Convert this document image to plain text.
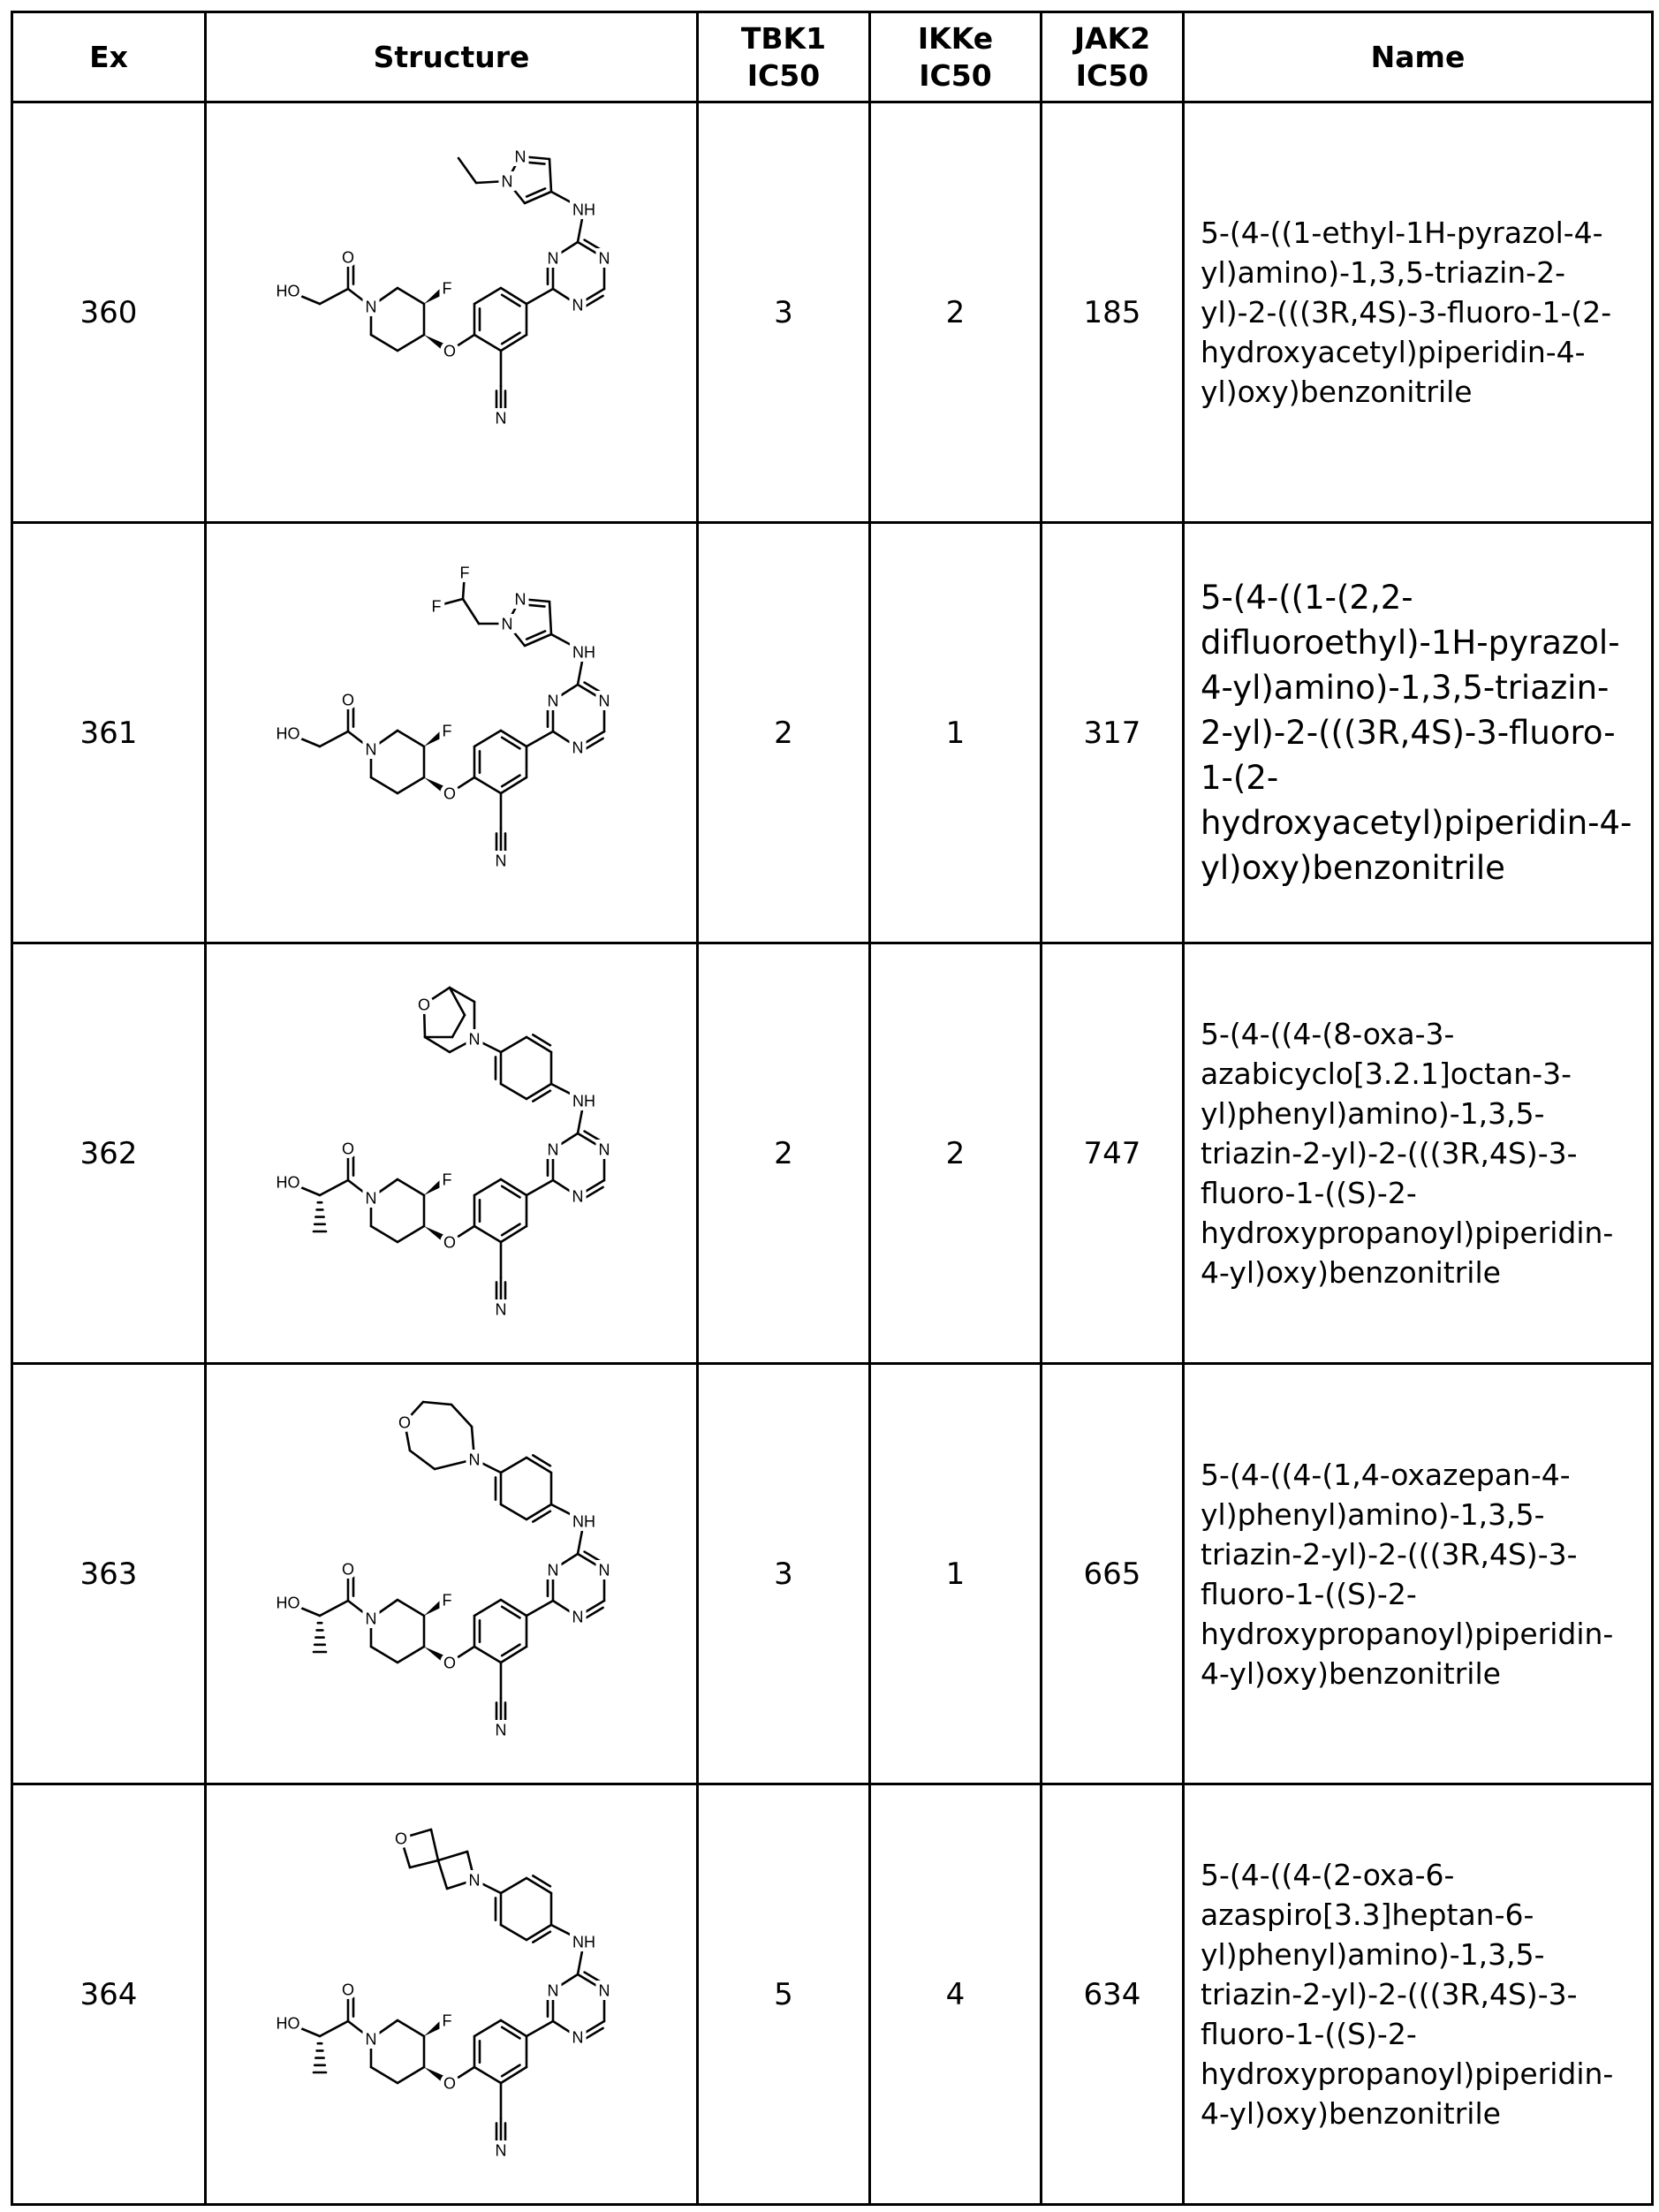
Ex	Structure	TBK1
IC50	IKKe
IC50	JAK2
IC50	Name
360	
HO
O
N
F
O
N
N
N
N
NH
N
N
	3	2	185	5-(4-((1-ethyl-1H-pyrazol-4-yl)amino)-1,3,5-triazin-2-yl)-2-(((3R,4S)-3-fluoro-1-(2-hydroxyacetyl)piperidin-4-yl)oxy)benzonitrile
361	HO
O
N
F
O
N
N
N
N
NH
N
N
F
F
	2	1	317	5-(4-((1-(2,2-difluoroethyl)-1H-pyrazol-4-yl)amino)-1,3,5-triazin-2-yl)-2-(((3R,4S)-3-fluoro-1-(2-hydroxyacetyl)piperidin-4-yl)oxy)benzonitrile
362	
HO
O
N
F
O
N
N
N
N
NH
N
O
	2	2	747	5-(4-((4-(8-oxa-3-azabicyclo[3.2.1]octan-3-yl)phenyl)amino)-1,3,5-triazin-2-yl)-2-(((3R,4S)-3-fluoro-1-((S)-2-hydroxypropanoyl)piperidin-4-yl)oxy)benzonitrile
363	
HO
O
N
F
O
N
N
N
N
NH
N
O
	3	1	665	5-(4-((4-(1,4-oxazepan-4-yl)phenyl)amino)-1,3,5-triazin-2-yl)-2-(((3R,4S)-3-fluoro-1-((S)-2-hydroxypropanoyl)piperidin-4-yl)oxy)benzonitrile
364	
HO
O
N
F
O
N
N
N
N
NH
N
O
	5	4	634	5-(4-((4-(2-oxa-6-azaspiro[3.3]heptan-6-yl)phenyl)amino)-1,3,5-triazin-2-yl)-2-(((3R,4S)-3-fluoro-1-((S)-2-hydroxypropanoyl)piperidin-4-yl)oxy)benzonitrile
